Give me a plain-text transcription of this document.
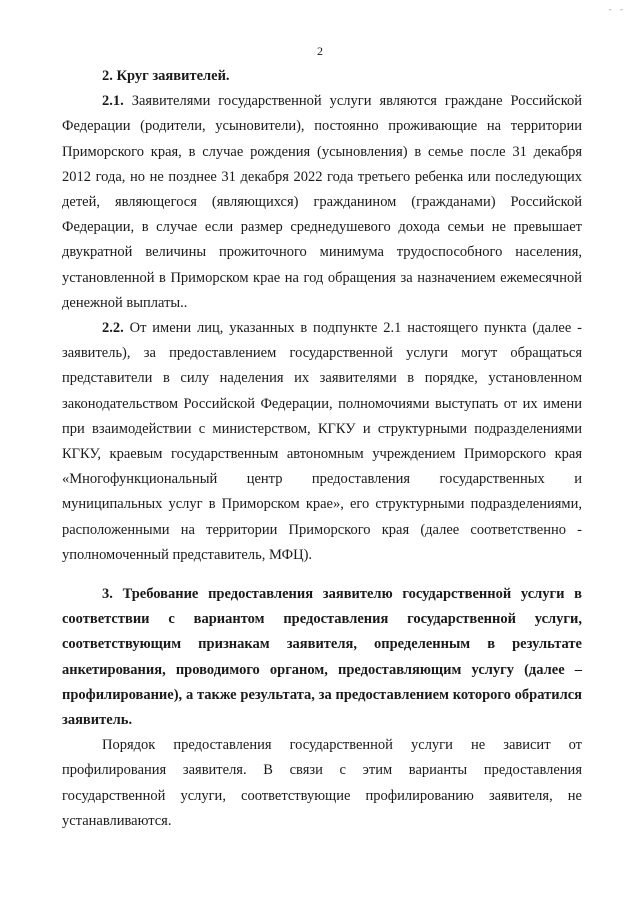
- -
2

2. Круг заявителей.

2.1. Заявителями государственной услуги являются граждане Российской Федерации (родители, усыновители), постоянно проживающие на территории Приморского края, в случае рождения (усыновления) в семье после 31 декабря 2012 года, но не позднее 31 декабря 2022 года третьего ребенка или последующих детей, являющегося (являющихся) гражданином (гражданами) Российской Федерации, в случае если размер среднедушевого дохода семьи не превышает двукратной величины прожиточного минимума трудоспособного населения, установленной в Приморском крае на год обращения за назначением ежемесячной денежной выплаты..

2.2. От имени лиц, указанных в подпункте 2.1 настоящего пункта (далее - заявитель), за предоставлением государственной услуги могут обращаться представители в силу наделения их заявителями в порядке, установленном законодательством Российской Федерации, полномочиями выступать от их имени при взаимодействии с министерством, КГКУ и структурными подразделениями КГКУ, краевым государственным автономным учреждением Приморского края «Многофункциональный центр предоставления государственных и муниципальных услуг в Приморском крае», его структурными подразделениями, расположенными на территории Приморского края (далее соответственно - уполномоченный представитель, МФЦ).

3. Требование предоставления заявителю государственной услуги в соответствии с вариантом предоставления государственной услуги, соответствующим признакам заявителя, определенным в результате анкетирования, проводимого органом, предоставляющим услугу (далее – профилирование), а также результата, за предоставлением которого обратился заявитель.

Порядок предоставления государственной услуги не зависит от профилирования заявителя. В связи с этим варианты предоставления государственной услуги, соответствующие профилированию заявителя, не устанавливаются.
